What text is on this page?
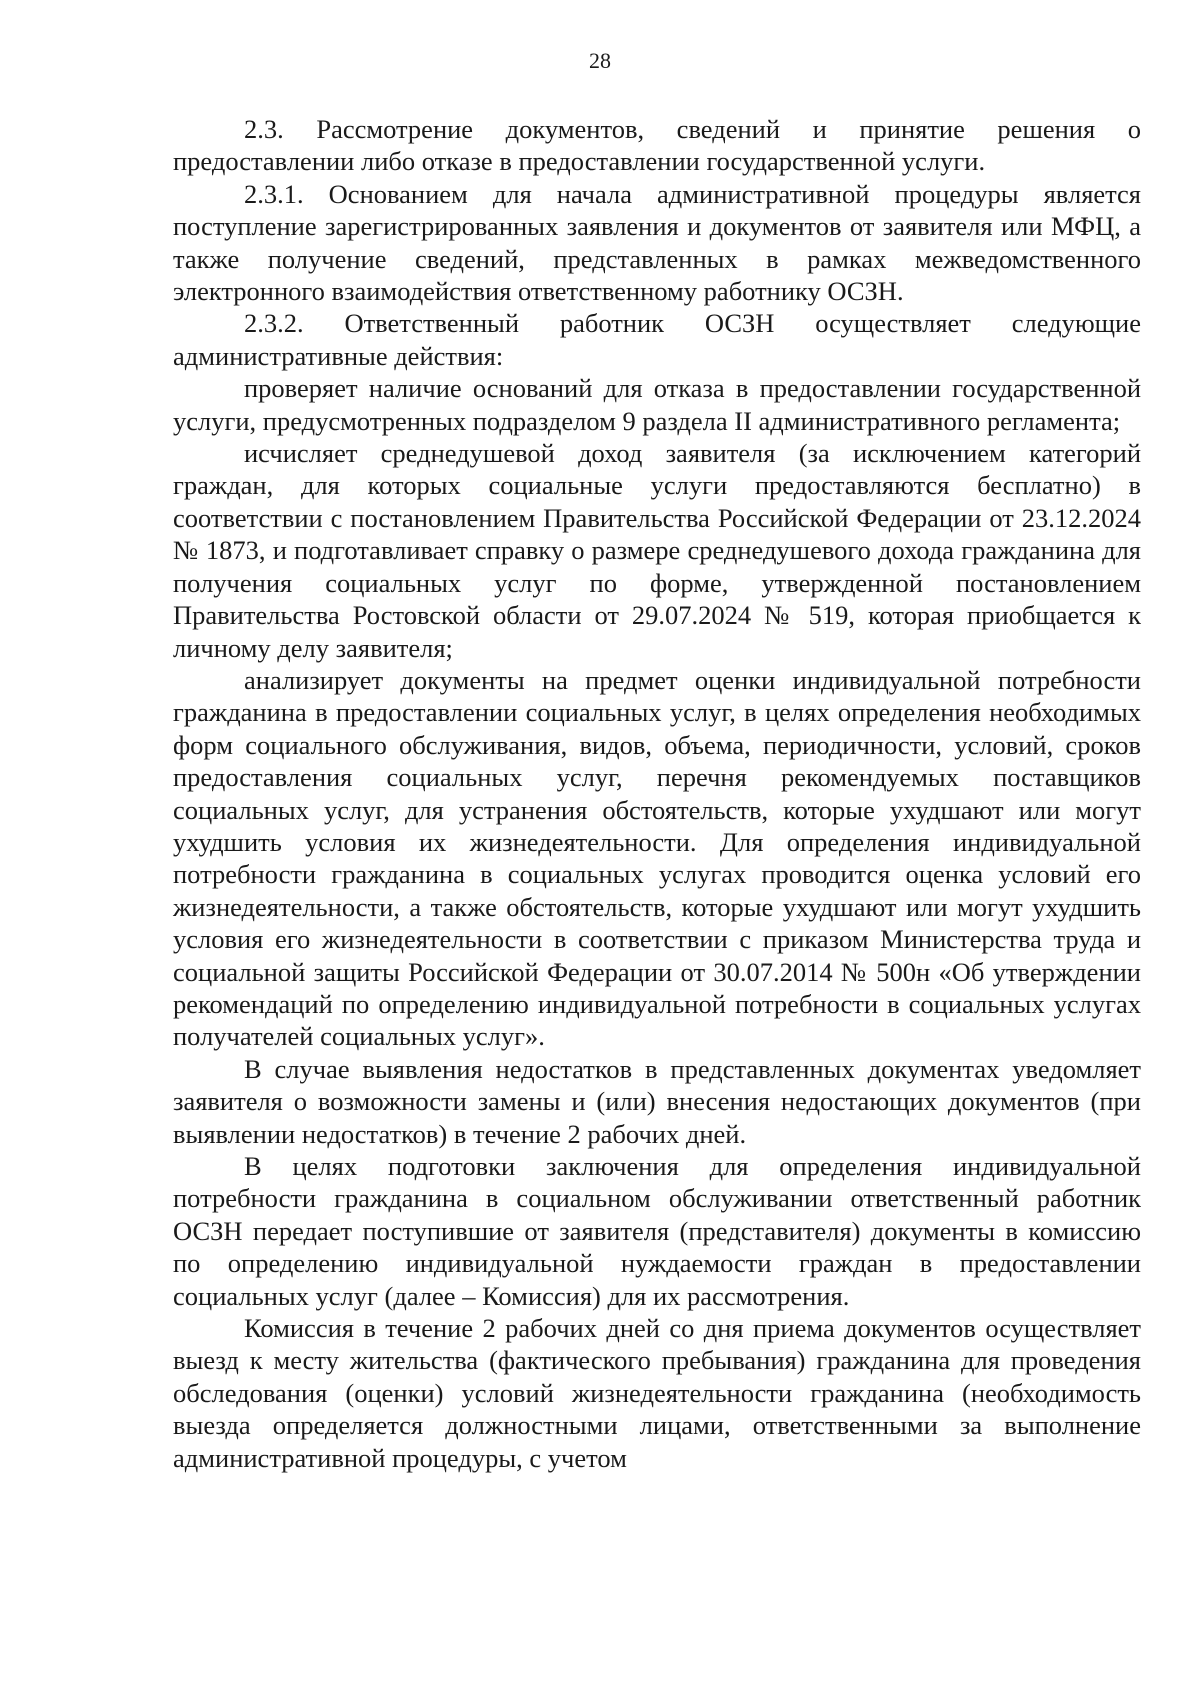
28

2.3. Рассмотрение документов, сведений и принятие решения о предоставлении либо отказе в предоставлении государственной услуги.

2.3.1. Основанием для начала административной процедуры является поступление зарегистрированных заявления и документов от заявителя или МФЦ, а также получение сведений, представленных в рамках межведомственного электронного взаимодействия ответственному работнику ОСЗН.

2.3.2. Ответственный работник ОСЗН осуществляет следующие административные действия:

проверяет наличие оснований для отказа в предоставлении государственной услуги, предусмотренных подразделом 9 раздела II административного регламента;

исчисляет среднедушевой доход заявителя (за исключением категорий граждан, для которых социальные услуги предоставляются бесплатно) в соответствии с постановлением Правительства Российской Федерации от 23.12.2024 № 1873, и подготавливает справку о размере среднедушевого дохода гражданина для получения социальных услуг по форме, утвержденной постановлением Правительства Ростовской области от 29.07.2024 № 519, которая приобщается к личному делу заявителя;

анализирует документы на предмет оценки индивидуальной потребности гражданина в предоставлении социальных услуг, в целях определения необходимых форм социального обслуживания, видов, объема, периодичности, условий, сроков предоставления социальных услуг, перечня рекомендуемых поставщиков социальных услуг, для устранения обстоятельств, которые ухудшают или могут ухудшить условия их жизнедеятельности. Для определения индивидуальной потребности гражданина в социальных услугах проводится оценка условий его жизнедеятельности, а также обстоятельств, которые ухудшают или могут ухудшить условия его жизнедеятельности в соответствии с приказом Министерства труда и социальной защиты Российской Федерации от 30.07.2014 № 500н «Об утверждении рекомендаций по определению индивидуальной потребности в социальных услугах получателей социальных услуг».

В случае выявления недостатков в представленных документах уведомляет заявителя о возможности замены и (или) внесения недостающих документов (при выявлении недостатков) в течение 2 рабочих дней.

В целях подготовки заключения для определения индивидуальной потребности гражданина в социальном обслуживании ответственный работник ОСЗН передает поступившие от заявителя (представителя) документы в комиссию по определению индивидуальной нуждаемости граждан в предоставлении социальных услуг (далее – Комиссия) для их рассмотрения.

Комиссия в течение 2 рабочих дней со дня приема документов осуществляет выезд к месту жительства (фактического пребывания) гражданина для проведения обследования (оценки) условий жизнедеятельности гражданина (необходимость выезда определяется должностными лицами, ответственными за выполнение административной процедуры, с учетом
